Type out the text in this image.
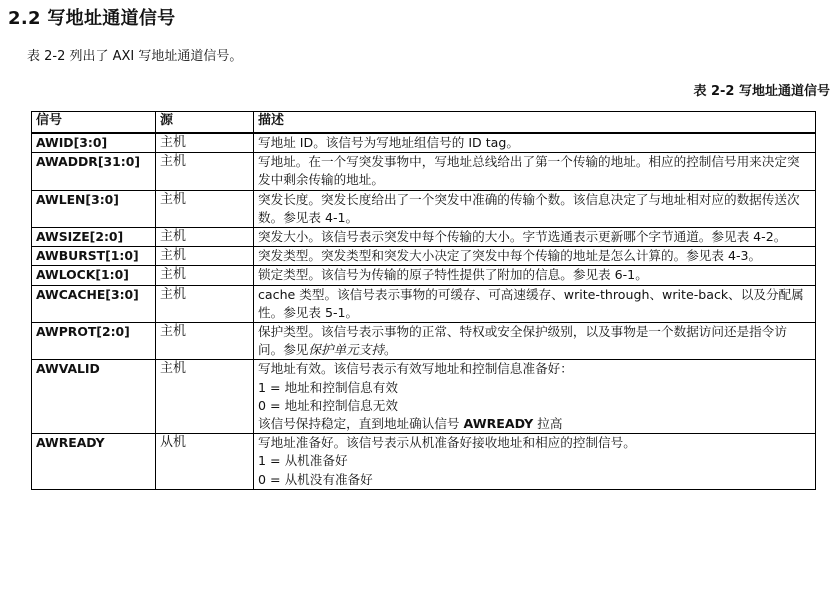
2.2 写地址通道信号
表 2-2 列出了 AXI 写地址通道信号。
表 2-2 写地址通道信号
信号	源	描述
AWID[3:0]	主机	写地址 ID。该信号为写地址组信号的 ID tag。

AWADDR[31:0]	主机	写地址。在一个写突发事物中，写地址总线给出了第一个传输的地址。相应的控制信号用来决定突发中剩余传输的地址。

AWLEN[3:0]	主机	突发长度。突发长度给出了一个突发中准确的传输个数。该信息决定了与地址相对应的数据传送次数。参见表 4-1。

AWSIZE[2:0]	主机	突发大小。该信号表示突发中每个传输的大小。字节选通表示更新哪个字节通道。参见表 4-2。

AWBURST[1:0]	主机	突发类型。突发类型和突发大小决定了突发中每个传输的地址是怎么计算的。参见表 4-3。

AWLOCK[1:0]	主机	锁定类型。该信号为传输的原子特性提供了附加的信息。参见表 6-1。

AWCACHE[3:0]	主机	cache 类型。该信号表示事物的可缓存、可高速缓存、write-through、write-back、以及分配属性。参见表 5-1。

AWPROT[2:0]	主机	保护类型。该信号表示事物的正常、特权或安全保护级别，以及事物是一个数据访问还是指令访问。参见保护单元支持。

AWVALID	主机	写地址有效。该信号表示有效写地址和控制信息准备好：
1 = 地址和控制信息有效
0 = 地址和控制信息无效
该信号保持稳定，直到地址确认信号 AWREADY 拉高

AWREADY	从机	写地址准备好。该信号表示从机准备好接收地址和相应的控制信号。
1 = 从机准备好
0 = 从机没有准备好
